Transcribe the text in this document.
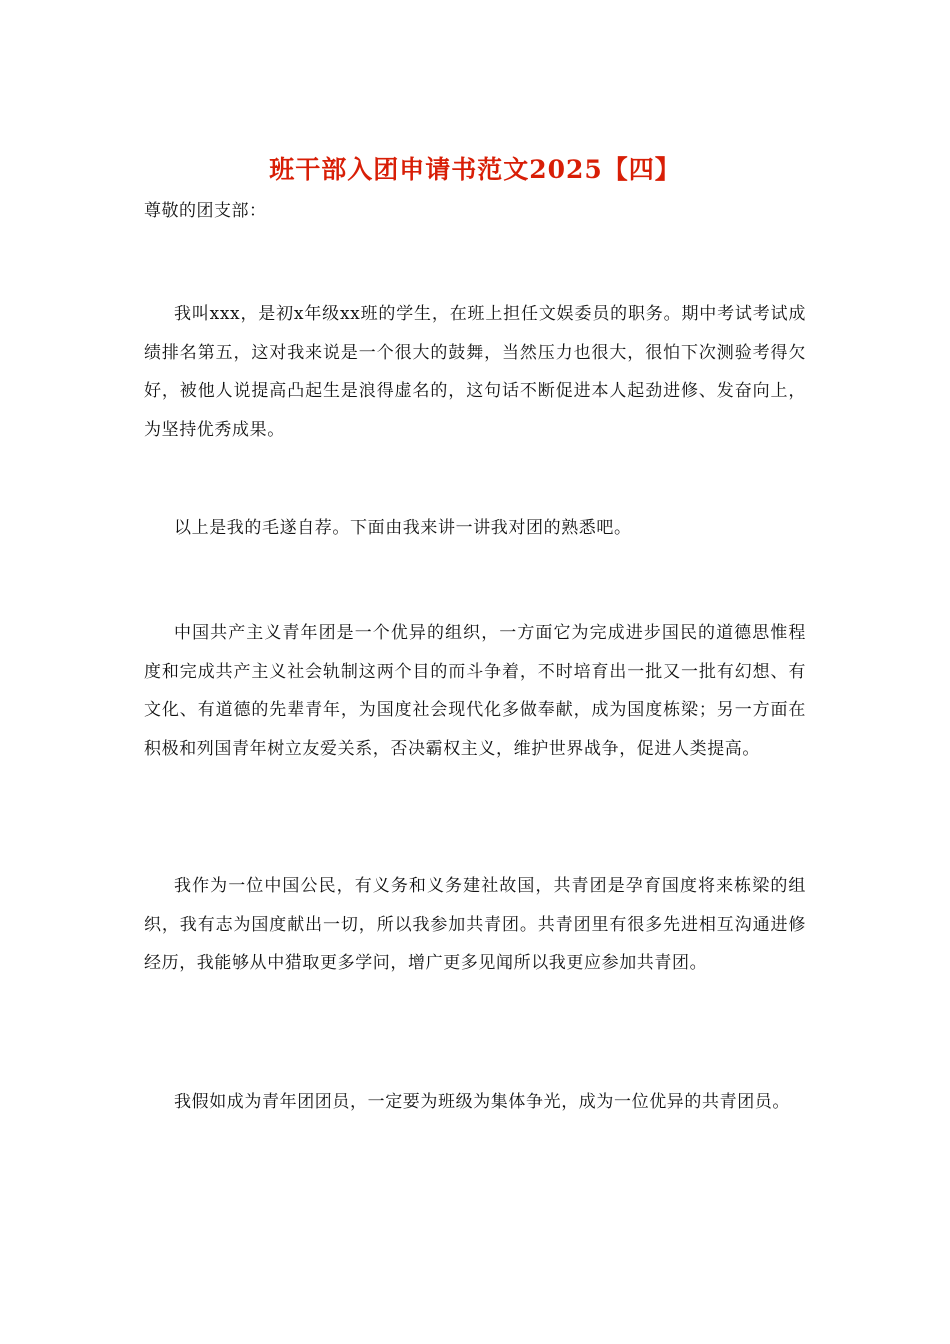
班干部入团申请书范文2025【四】
尊敬的团支部：

我叫xxx，是初x年级xx班的学生，在班上担任文娱委员的职务。期中考试考试成绩排名第五，这对我来说是一个很大的鼓舞，当然压力也很大，很怕下次测验考得欠好，被他人说提高凸起生是浪得虚名的，这句话不断促进本人起劲进修、发奋向上，为坚持优秀成果。

以上是我的毛遂自荐。下面由我来讲一讲我对团的熟悉吧。

中国共产主义青年团是一个优异的组织，一方面它为完成进步国民的道德思惟程度和完成共产主义社会轨制这两个目的而斗争着，不时培育出一批又一批有幻想、有文化、有道德的先辈青年，为国度社会现代化多做奉献，成为国度栋梁；另一方面在积极和列国青年树立友爱关系，否决霸权主义，维护世界战争，促进人类提高。

我作为一位中国公民，有义务和义务建社故国，共青团是孕育国度将来栋梁的组织，我有志为国度献出一切，所以我参加共青团。共青团里有很多先进相互沟通进修经历，我能够从中猎取更多学问，增广更多见闻所以我更应参加共青团。

我假如成为青年团团员，一定要为班级为集体争光，成为一位优异的共青团员。
